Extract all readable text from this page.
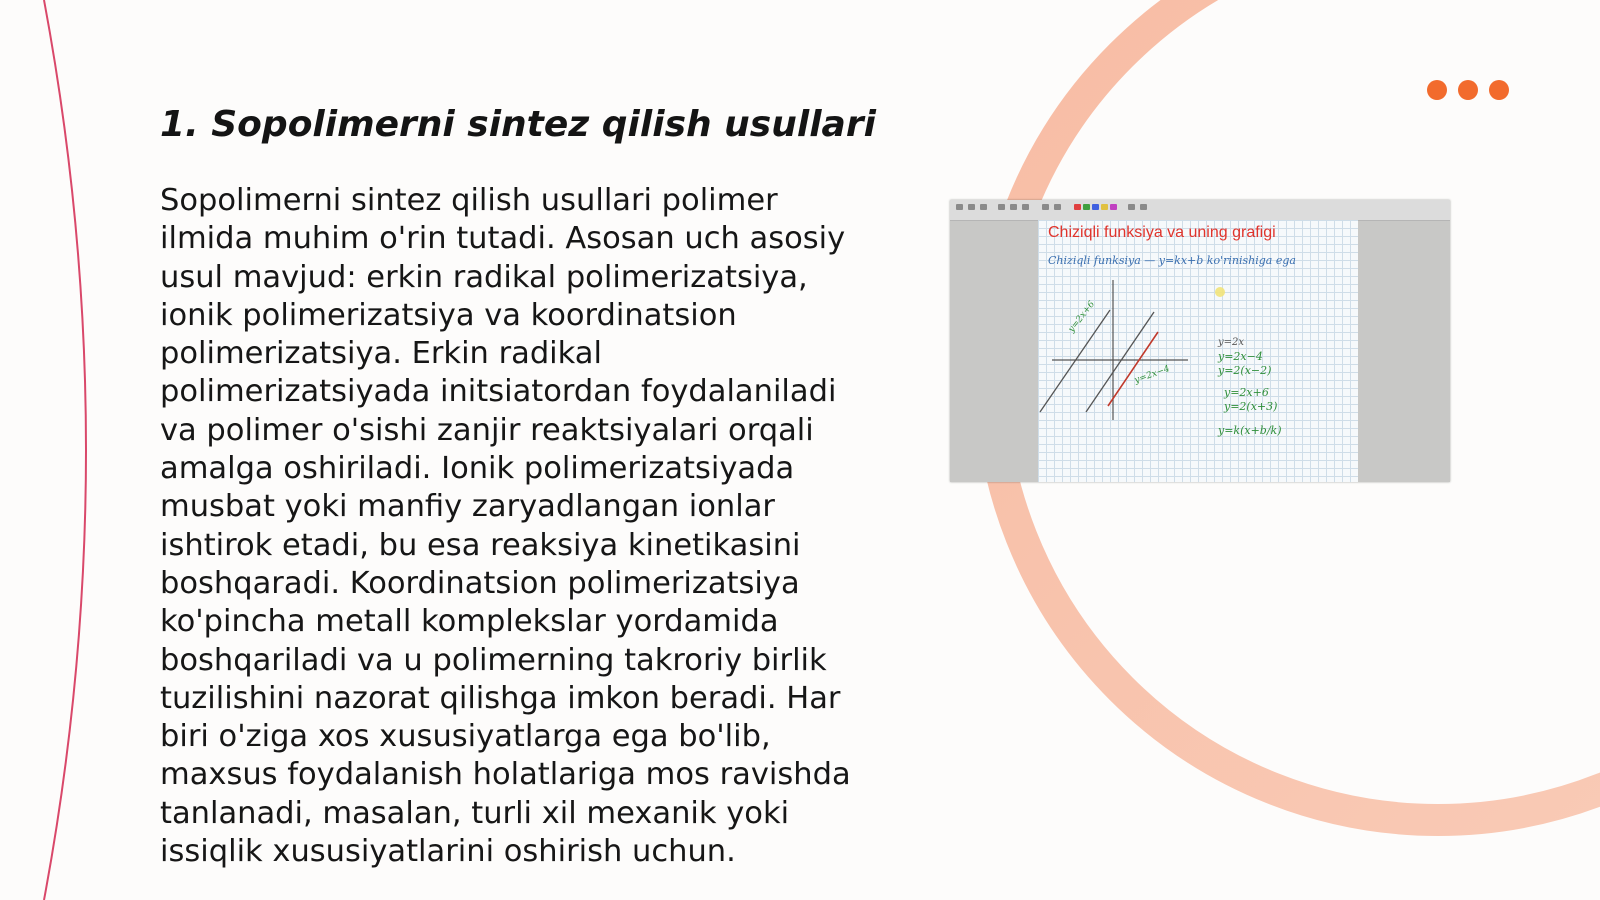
1. Sopolimerni sintez qilish usullari

Sopolimerni sintez qilish usullari polimer
ilmida muhim o'rin tutadi. Asosan uch asosiy
usul mavjud: erkin radikal polimerizatsiya,
ionik polimerizatsiya va koordinatsion
polimerizatsiya. Erkin radikal
polimerizatsiyada initsiatordan foydalaniladi
va polimer o'sishi zanjir reaktsiyalari orqali
amalga oshiriladi. Ionik polimerizatsiyada
musbat yoki manfiy zaryadlangan ionlar
ishtirok etadi, bu esa reaksiya kinetikasini
boshqaradi. Koordinatsion polimerizatsiya
ko'pincha metall komplekslar yordamida
boshqariladi va u polimerning takroriy birlik
tuzilishini nazorat qilishga imkon beradi. Har
biri o'ziga xos xususiyatlarga ega bo'lib,
maxsus foydalanish holatlariga mos ravishda
tanlanadi, masalan, turli xil mexanik yoki
issiqlik xususiyatlarini oshirish uchun.

Chiziqli funksiya — y=kx+b ko'rinishiga ega
y=2x
y=2x−4
y=2(x−2)
y=2x+6
y=2(x+3)
y=k(x+b/k)
y=2x+6
y=2x−4

Chiziqli funksiya va uning grafigi
